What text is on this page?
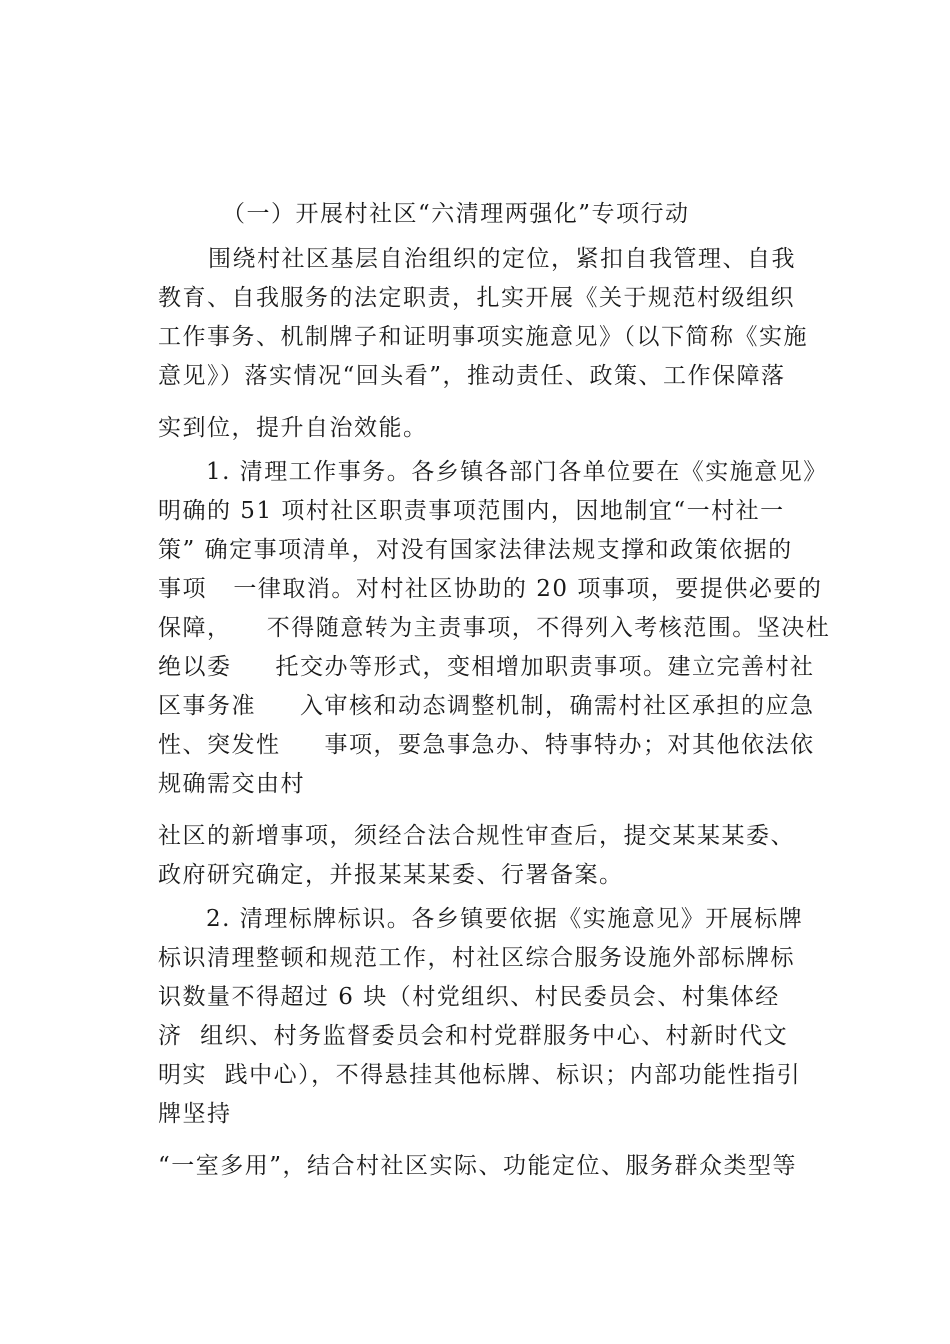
（一）开展村社区“六清理两强化”专项行动
围绕村社区基层自治组织的定位，紧扣自我管理、自我
教育、自我服务的法定职责，扎实开展《关于规范村级组织
工作事务、机制牌子和证明事项实施意见》（以下简称《实施
意见》）落实情况“回头看”，推动责任、政策、工作保障落
实到位，提升自治效能。
1. 清理工作事务。各乡镇各部门各单位要在《实施意见》
明确的 51 项村社区职责事项范围内，因地制宜“一村社一
策” 确定事项清单，对没有国家法律法规支撑和政策依据的
事项   一律取消。对村社区协助的 20 项事项，要提供必要的
保障，    不得随意转为主责事项，不得列入考核范围。坚决杜
绝以委     托交办等形式，变相增加职责事项。建立完善村社
区事务准     入审核和动态调整机制，确需村社区承担的应急
性、突发性     事项，要急事急办、特事特办；对其他依法依
规确需交由村
社区的新增事项，须经合法合规性审查后，提交某某某委、
政府研究确定，并报某某某委、行署备案。
2. 清理标牌标识。各乡镇要依据《实施意见》开展标牌
标识清理整顿和规范工作，村社区综合服务设施外部标牌标
识数量不得超过 6 块（村党组织、村民委员会、村集体经
济  组织、村务监督委员会和村党群服务中心、村新时代文
明实  践中心），不得悬挂其他标牌、标识；内部功能性指引
牌坚持
“一室多用”，结合村社区实际、功能定位、服务群众类型等
